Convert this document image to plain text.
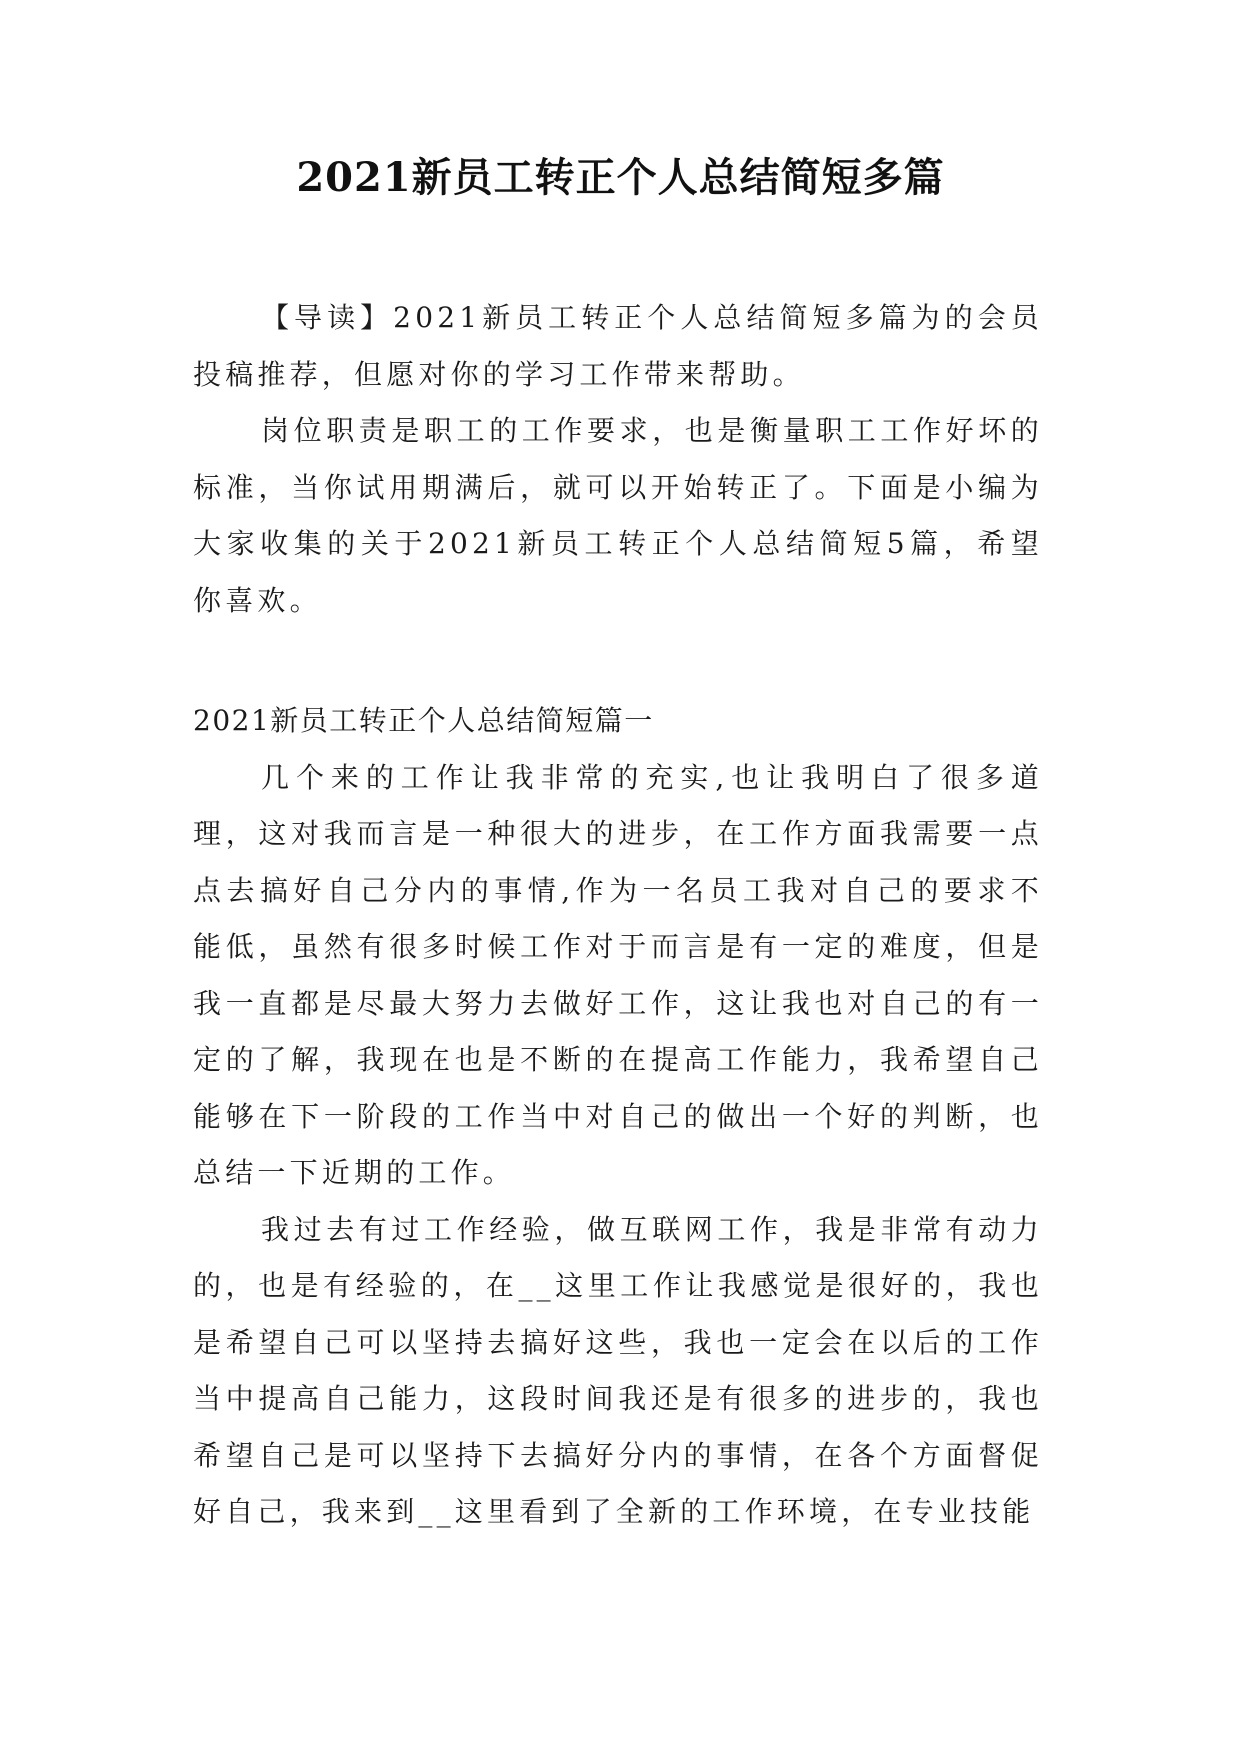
2021新员工转正个人总结简短多篇

【导读】2021新员工转正个人总结简短多篇为的会员投稿推荐，但愿对你的学习工作带来帮助。

岗位职责是职工的工作要求，也是衡量职工工作好坏的标准，当你试用期满后，就可以开始转正了。下面是小编为大家收集的关于2021新员工转正个人总结简短5篇，希望你喜欢。

2021新员工转正个人总结简短篇一

几个来的工作让我非常的充实,也让我明白了很多道理，这对我而言是一种很大的进步，在工作方面我需要一点点去搞好自己分内的事情,作为一名员工我对自己的要求不能低，虽然有很多时候工作对于而言是有一定的难度，但是我一直都是尽最大努力去做好工作，这让我也对自己的有一定的了解，我现在也是不断的在提高工作能力，我希望自己能够在下一阶段的工作当中对自己的做出一个好的判断，也总结一下近期的工作。

我过去有过工作经验，做互联网工作，我是非常有动力的，也是有经验的，在__这里工作让我感觉是很好的，我也是希望自己可以坚持去搞好这些，我也一定会在以后的工作当中提高自己能力，这段时间我还是有很多的进步的，我也希望自己是可以坚持下去搞好分内的事情，在各个方面督促好自己，我来到__这里看到了全新的工作环境，在专业技能
